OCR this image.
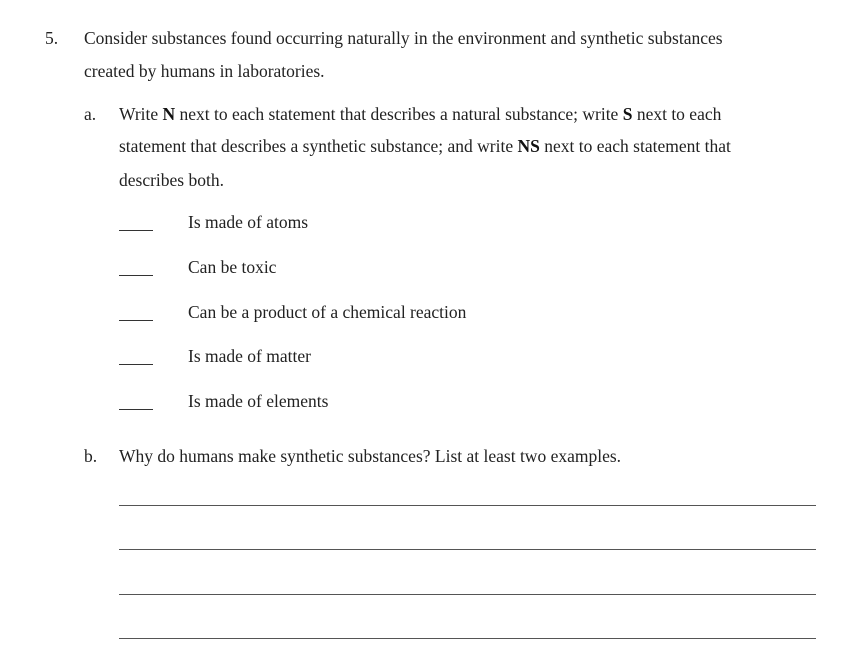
5. Consider substances found occurring naturally in the environment and synthetic substances
created by humans in laboratories.
a. Write N next to each statement that describes a natural substance; write S next to each
statement that describes a synthetic substance; and write NS next to each statement that
describes both.
Is made of atoms
Can be toxic
Can be a product of a chemical reaction
Is made of matter
Is made of elements
b. Why do humans make synthetic substances? List at least two examples.
